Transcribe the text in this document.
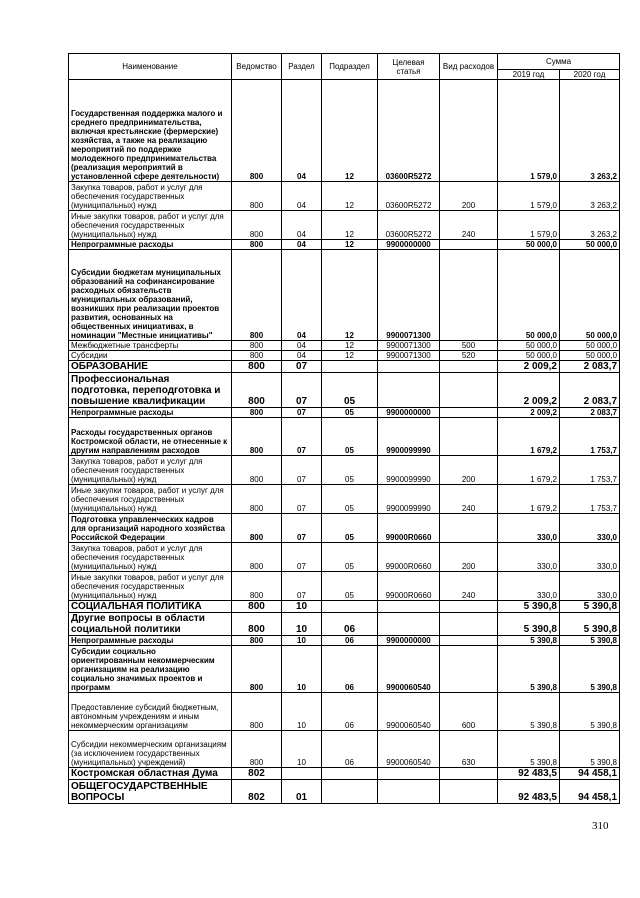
Наименование	Ведомство	Раздел	Подраздел	Целевая статья	Вид расходов	Сумма	
						2019 год	2020 год
Государственная поддержка малого и среднего предпринимательства, включая крестьянские (фермерские) хозяйства, а также на реализацию мероприятий по поддержке молодежного предпринимательства (реализация мероприятий в установленной сфере деятельности)	800	04	12	03600R5272		1 579,0	3 263,2
Закупка товаров, работ и услуг для обеспечения государственных (муниципальных) нужд	800	04	12	03600R5272	200	1 579,0	3 263,2
Иные закупки товаров, работ и услуг для обеспечения государственных (муниципальных) нужд	800	04	12	03600R5272	240	1 579,0	3 263,2
Непрограммные расходы	800	04	12	9900000000		50 000,0	50 000,0
Субсидии бюджетам муниципальных образований на софинансирование расходных обязательств муниципальных образований, возникших при реализации проектов развития, основанных на общественных инициативах, в номинации "Местные инициативы"	800	04	12	9900071300		50 000,0	50 000,0
Межбюджетные трансферты	800	04	12	9900071300	500	50 000,0	50 000,0
Субсидии	800	04	12	9900071300	520	50 000,0	50 000,0
ОБРАЗОВАНИЕ	800	07				2 009,2	2 083,7
Профессиональная подготовка, переподготовка и повышение квалификации	800	07	05			2 009,2	2 083,7
Непрограммные расходы	800	07	05	9900000000		2 009,2	2 083,7
Расходы государственных органов Костромской области, не отнесенные к другим направлениям расходов	800	07	05	9900099990		1 679,2	1 753,7
Закупка товаров, работ и услуг для обеспечения государственных (муниципальных) нужд	800	07	05	9900099990	200	1 679,2	1 753,7
Иные закупки товаров, работ и услуг для обеспечения государственных (муниципальных) нужд	800	07	05	9900099990	240	1 679,2	1 753,7
Подготовка управленческих кадров для организаций народного хозяйства Российской Федерации	800	07	05	99000R0660		330,0	330,0
Закупка товаров, работ и услуг для обеспечения государственных (муниципальных) нужд	800	07	05	99000R0660	200	330,0	330,0
Иные закупки товаров, работ и услуг для обеспечения государственных (муниципальных) нужд	800	07	05	99000R0660	240	330,0	330,0
СОЦИАЛЬНАЯ ПОЛИТИКА	800	10				5 390,8	5 390,8
Другие вопросы в области социальной политики	800	10	06			5 390,8	5 390,8
Непрограммные расходы	800	10	06	9900000000		5 390,8	5 390,8
Субсидии социально ориентированным некоммерческим организациям на реализацию социально значимых проектов и программ	800	10	06	9900060540		5 390,8	5 390,8
Предоставление субсидий бюджетным, автономным учреждениям и иным некоммерческим организациям	800	10	06	9900060540	600	5 390,8	5 390,8
Субсидии некоммерческим организациям (за исключением государственных (муниципальных) учреждений)	800	10	06	9900060540	630	5 390,8	5 390,8
Костромская областная Дума	802					92 483,5	94 458,1
ОБЩЕГОСУДАРСТВЕННЫЕ ВОПРОСЫ	802	01				92 483,5	94 458,1
310
